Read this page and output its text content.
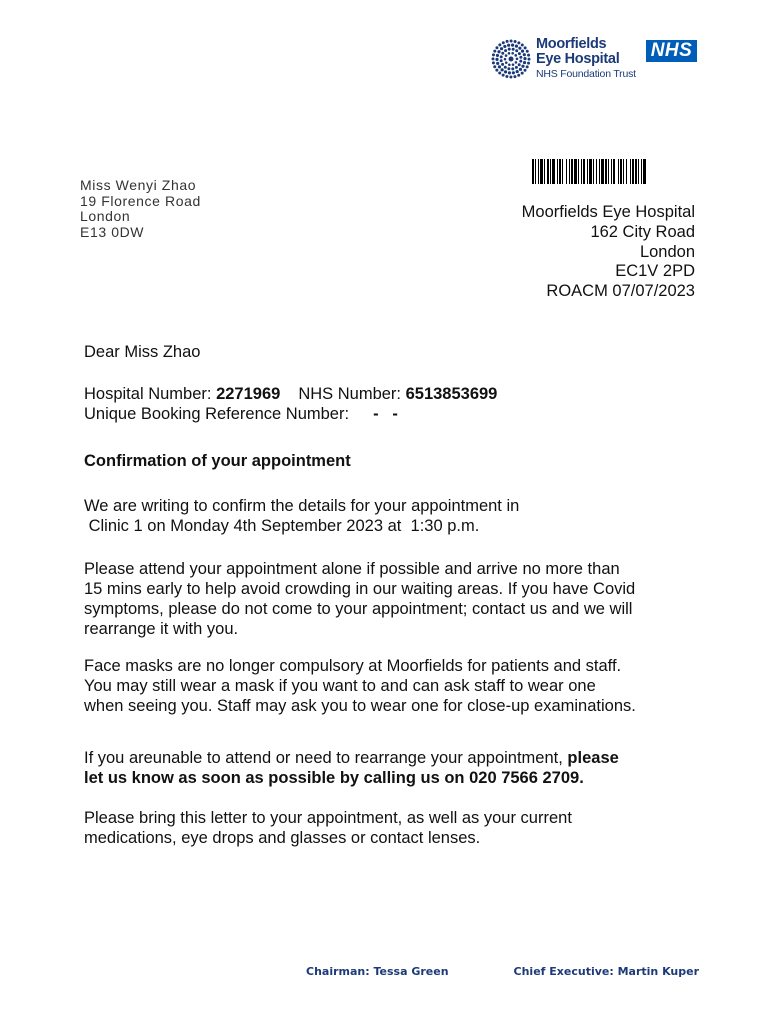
Moorfields
Eye Hospital
NHS Foundation Trust
NHS
Miss Wenyi Zhao
19 Florence Road
London
E13 0DW
Moorfields Eye Hospital
162 City Road
London
EC1V 2PD
ROACM 07/07/2023
Dear Miss Zhao
Hospital Number: 2271969 NHS Number: 6513853699
Unique Booking Reference Number: -   -
Confirmation of your appointment
We are writing to confirm the details for your appointment in
Clinic 1 on Monday 4th September 2023 at  1:30 p.m.
Please attend your appointment alone if possible and arrive no more than
15 mins early to help avoid crowding in our waiting areas. If you have Covid
symptoms, please do not come to your appointment; contact us and we will
rearrange it with you.
Face masks are no longer compulsory at Moorfields for patients and staff.
You may still wear a mask if you want to and can ask staff to wear one
when seeing you. Staff may ask you to wear one for close-up examinations.
If you areunable to attend or need to rearrange your appointment, please
let us know as soon as possible by calling us on 020 7566 2709.
Please bring this letter to your appointment, as well as your current
medications, eye drops and glasses or contact lenses.
Chairman: Tessa Green	Chief Executive: Martin Kuper
